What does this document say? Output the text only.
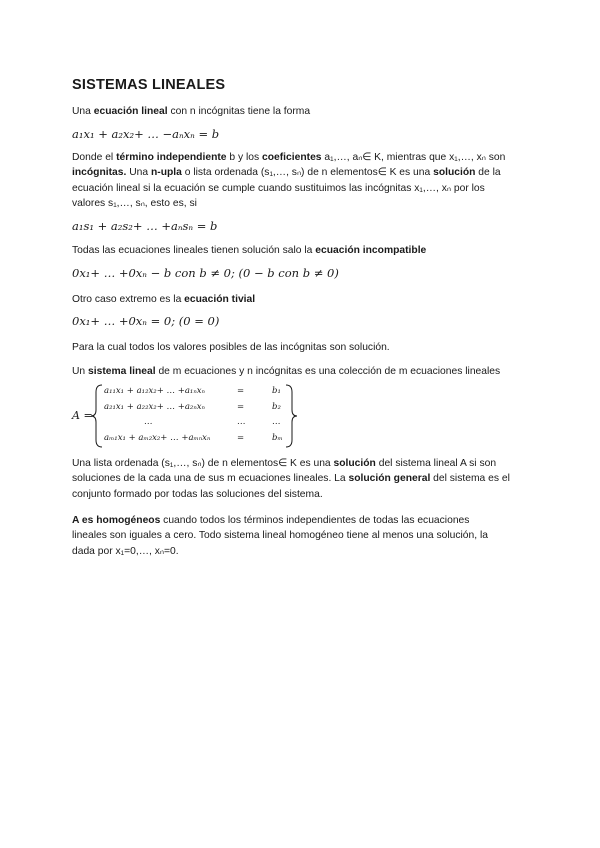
SISTEMAS LINEALES
Una ecuación lineal con n incógnitas tiene la forma
a₁x₁ + a₂x₂+ … −aₙxₙ = b
Donde el término independiente b y los coeficientes a₁,…, aₙ∈ K, mientras que x₁,…, xₙ son
incógnitas. Una n-upla o lista ordenada (s₁,…, sₙ) de n elementos∈ K es una solución de la
ecuación lineal si la ecuación se cumple cuando sustituimos las incógnitas x₁,…, xₙ por los
valores s₁,…, sₙ, esto es, si
a₁s₁ + a₂s₂+ … +aₙsₙ = b
Todas las ecuaciones lineales tienen solución salo la ecuación incompatible
0x₁+ … +0xₙ − b con b ≠ 0; (0 − b con b ≠ 0)
Otro caso extremo es la ecuación tivial
0x₁+ … +0xₙ = 0; (0 = 0)
Para la cual todos los valores posibles de las incógnitas son solución.
Un sistema lineal de m ecuaciones y n incógnitas es una colección de m ecuaciones lineales
A =
a₁₁x₁ + a₁₂x₂+ … +a₁ₙxₙ	=	b₁
a₂₁x₁ + a₂₂x₂+ … +a₂ₙxₙ	=	b₂
…	…	…
aₘ₁x₁ + aₘ₂x₂+ … +aₘₙxₙ	=	bₘ
Una lista ordenada (s₁,…, sₙ) de n elementos∈ K es una solución del sistema lineal A si son
soluciones de la cada una de sus m ecuaciones lineales. La solución general del sistema es el
conjunto formado por todas las soluciones del sistema.
A es homogéneos cuando todos los términos independientes de todas las ecuaciones
lineales son iguales a cero. Todo sistema lineal homogéneo tiene al menos una solución, la
dada por x₁=0,…, xₙ=0.
